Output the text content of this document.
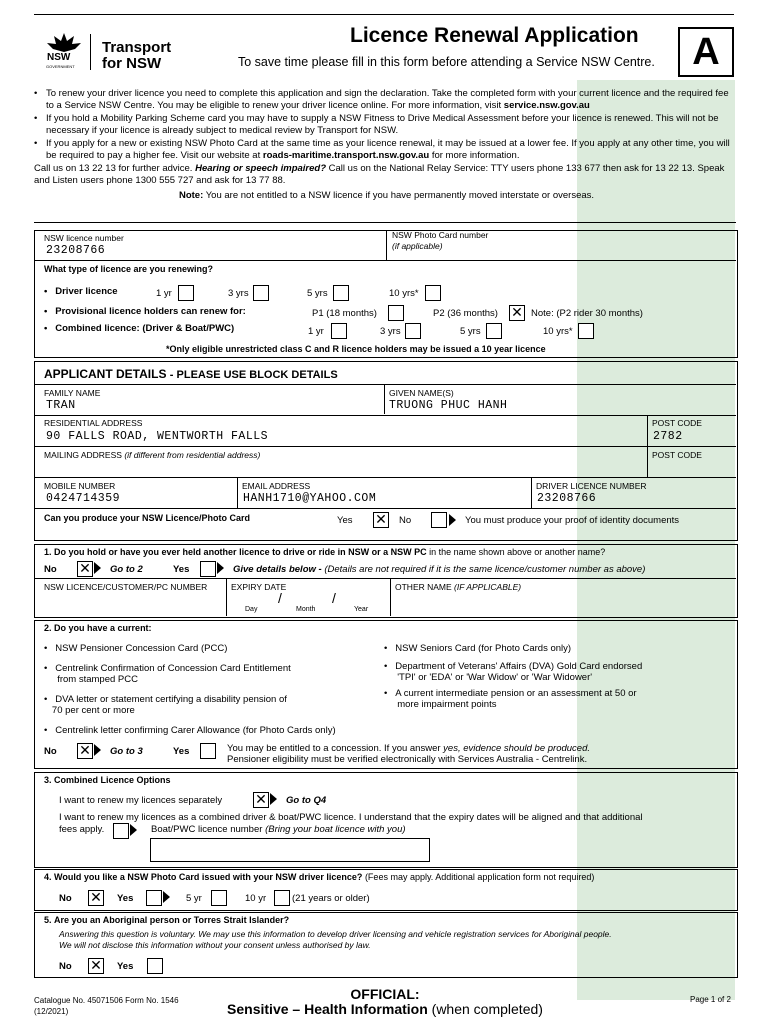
NSW
GOVERNMENT
Transport
for NSW
Licence Renewal Application
To save time please fill in this form before attending a Service NSW Centre. A
• To renew your driver licence you need to complete this application and sign the declaration. Take the completed form with your current licence and the required fee to a Service NSW Centre. You may be eligible to renew your driver licence online. For more information, visit service.nsw.gov.au
• If you hold a Mobility Parking Scheme card you may have to supply a NSW Fitness to Drive Medical Assessment before your licence is renewed. This will not be necessary if your licence is already subject to medical review by Transport for NSW.
• If you apply for a new or existing NSW Photo Card at the same time as your licence renewal, it may be issued at a lower fee. If you apply at any other time, you will be required to pay a higher fee. Visit our website at roads-maritime.transport.nsw.gov.au for more information.
Call us on 13 22 13 for further advice. Hearing or speech impaired? Call us on the National Relay Service: TTY users phone 133 677 then ask for 13 22 13. Speak and Listen users phone 1300 555 727 and ask for 13 77 88.
Note: You are not entitled to a NSW licence if you have permanently moved interstate or overseas.
NSW licence number
23208766
NSW Photo Card number
(if applicable)
What type of licence are you renewing?
•   Driver licence	1 yr	3 yrs	5 yrs	10 yrs*
•   Provisional licence holders can renew for:	P1 (18 months)	P2 (36 months) ✕ Note: (P2 rider 30 months)
•   Combined licence: (Driver & Boat/PWC)	1 yr	3 yrs	5 yrs	10 yrs*
*Only eligible unrestricted class C and R licence holders may be issued a 10 year licence
APPLICANT DETAILS - PLEASE USE BLOCK DETAILS
FAMILY NAME
TRAN
GIVEN NAME(S)
TRUONG PHUC HANH
RESIDENTIAL ADDRESS
90 FALLS ROAD, WENTWORTH FALLS
POST CODE
2782
MAILING ADDRESS (if different from residential address)	POST CODE
MOBILE NUMBER
0424714359
EMAIL ADDRESS
HANH1710@YAHOO.COM
DRIVER LICENCE NUMBER
23208766
Can you produce your NSW Licence/Photo Card	Yes ✕ No	You must produce your proof of identity documents
1. Do you hold or have you ever held another licence to drive or ride in NSW or a NSW PC in the name shown above or another name?
No ✕ Go to 2	Yes	Give details below - (Details are not required if it is the same licence/customer number as above)
NSW LICENCE/CUSTOMER/PC NUMBER	EXPIRY DATE
/	/
Day	Month	Year
OTHER NAME (IF APPLICABLE)
2. Do you have a current:
•   NSW Pensioner Concession Card (PCC)
•   Centrelink Confirmation of Concession Card Entitlement
from stamped PCC
•   DVA letter or statement certifying a disability pension of
70 per cent or more
•   Centrelink letter confirming Carer Allowance (for Photo Cards only)
•   NSW Seniors Card (for Photo Cards only)
•   Department of Veterans' Affairs (DVA) Gold Card endorsed
'TPI' or 'EDA' or 'War Widow' or 'War Widower'
•   A current intermediate pension or an assessment at 50 or
more impairment points
No ✕ Go to 3	Yes	You may be entitled to a concession. If you answer yes, evidence should be produced.
Pensioner eligibility must be verified electronically with Services Australia - Centrelink.
3. Combined Licence Options
I want to renew my licences separately ✕ Go to Q4
I want to renew my licences as a combined driver & boat/PWC licence. I understand that the expiry dates will be aligned and that additional
fees apply.	Boat/PWC licence number (Bring your boat licence with you)
4. Would you like a NSW Photo Card issued with your NSW driver licence? (Fees may apply. Additional application form not required)
No ✕ Yes	5 yr	10 yr	(21 years or older)
5. Are you an Aboriginal person or Torres Strait Islander?
Answering this question is voluntary. We may use this information to develop driver licensing and vehicle registration services for Aboriginal people.
We will not disclose this information without your consent unless authorised by law.
No ✕ Yes
Catalogue No. 45071506 Form No. 1546
(12/2021)
OFFICIAL:
Sensitive – Health Information (when completed)
Page 1 of 2
